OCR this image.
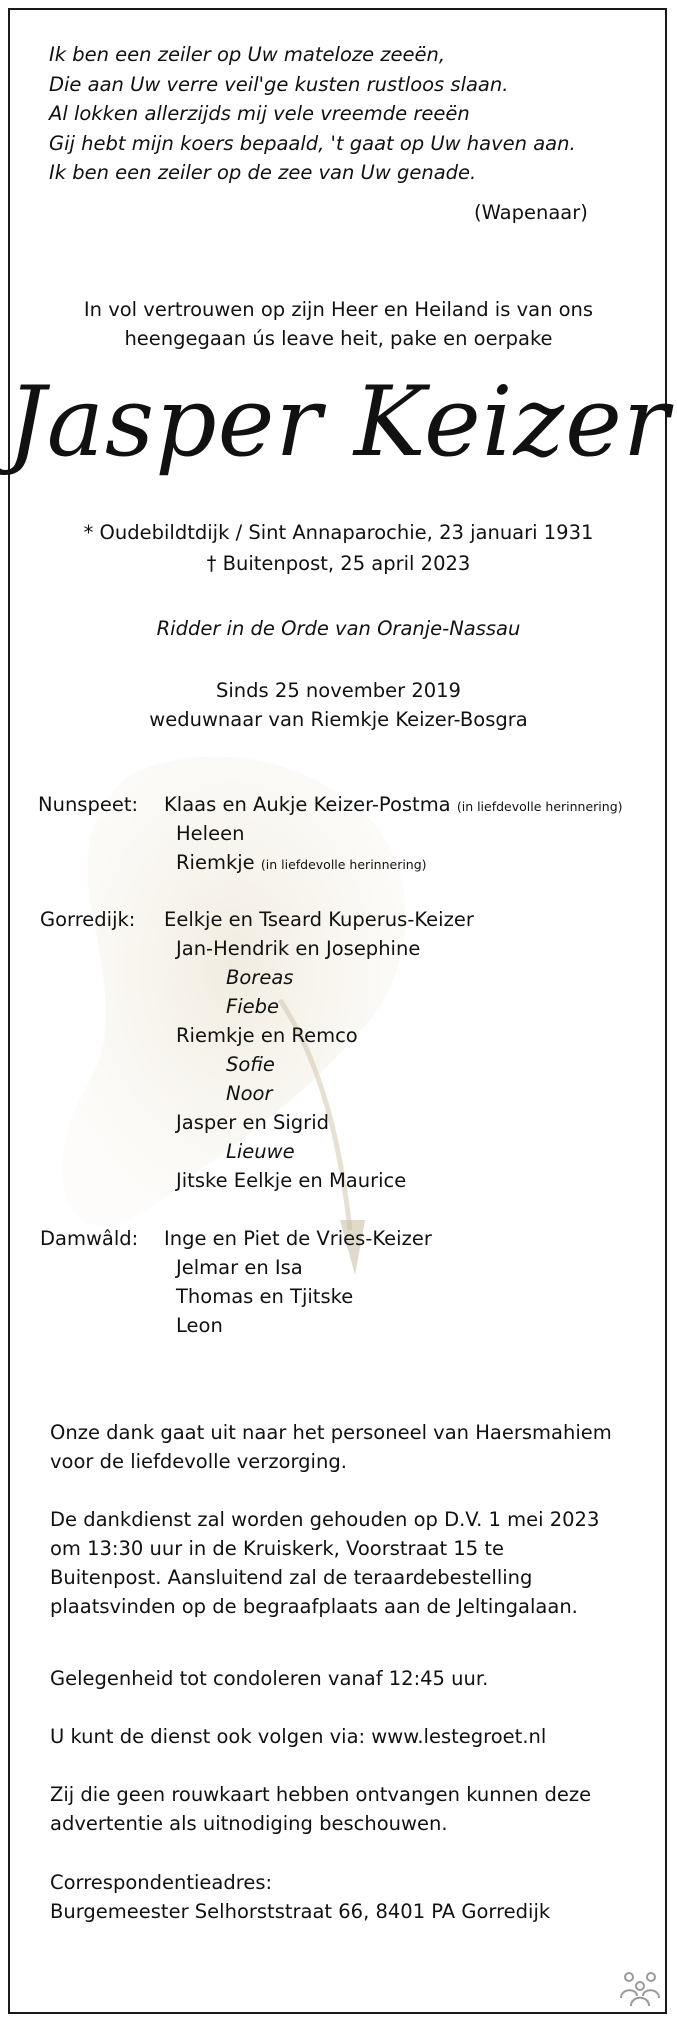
Ik ben een zeiler op Uw mateloze zeeën,
Die aan Uw verre veil'ge kusten rustloos slaan.
Al lokken allerzijds mij vele vreemde reeën
Gij hebt mijn koers bepaald, 't gaat op Uw haven aan.
Ik ben een zeiler op de zee van Uw genade.
(Wapenaar)
In vol vertrouwen op zijn Heer en Heiland is van ons
heengegaan ús leave heit, pake en oerpake
Jasper Keizer
* Oudebildtdijk / Sint Annaparochie, 23 januari 1931
† Buitenpost, 25 april 2023
Ridder in de Orde van Oranje-Nassau
Sinds 25 november 2019
weduwnaar van Riemkje Keizer-Bosgra
Nunspeet: Klaas en Aukje Keizer-Postma (in liefdevolle herinnering)
Heleen
Riemkje (in liefdevolle herinnering)
Gorredijk: Eelkje en Tseard Kuperus-Keizer
Jan-Hendrik en Josephine
Boreas
Fiebe
Riemkje en Remco
Sofie
Noor
Jasper en Sigrid
Lieuwe
Jitske Eelkje en Maurice
Damwâld: Inge en Piet de Vries-Keizer
Jelmar en Isa
Thomas en Tjitske
Leon
Onze dank gaat uit naar het personeel van Haersmahiem
voor de liefdevolle verzorging.
De dankdienst zal worden gehouden op D.V. 1 mei 2023
om 13:30 uur in de Kruiskerk, Voorstraat 15 te
Buitenpost. Aansluitend zal de teraardebestelling
plaatsvinden op de begraafplaats aan de Jeltingalaan.
Gelegenheid tot condoleren vanaf 12:45 uur.
U kunt de dienst ook volgen via: www.lestegroet.nl
Zij die geen rouwkaart hebben ontvangen kunnen deze
advertentie als uitnodiging beschouwen.
Correspondentieadres:
Burgemeester Selhorststraat 66, 8401 PA Gorredijk
